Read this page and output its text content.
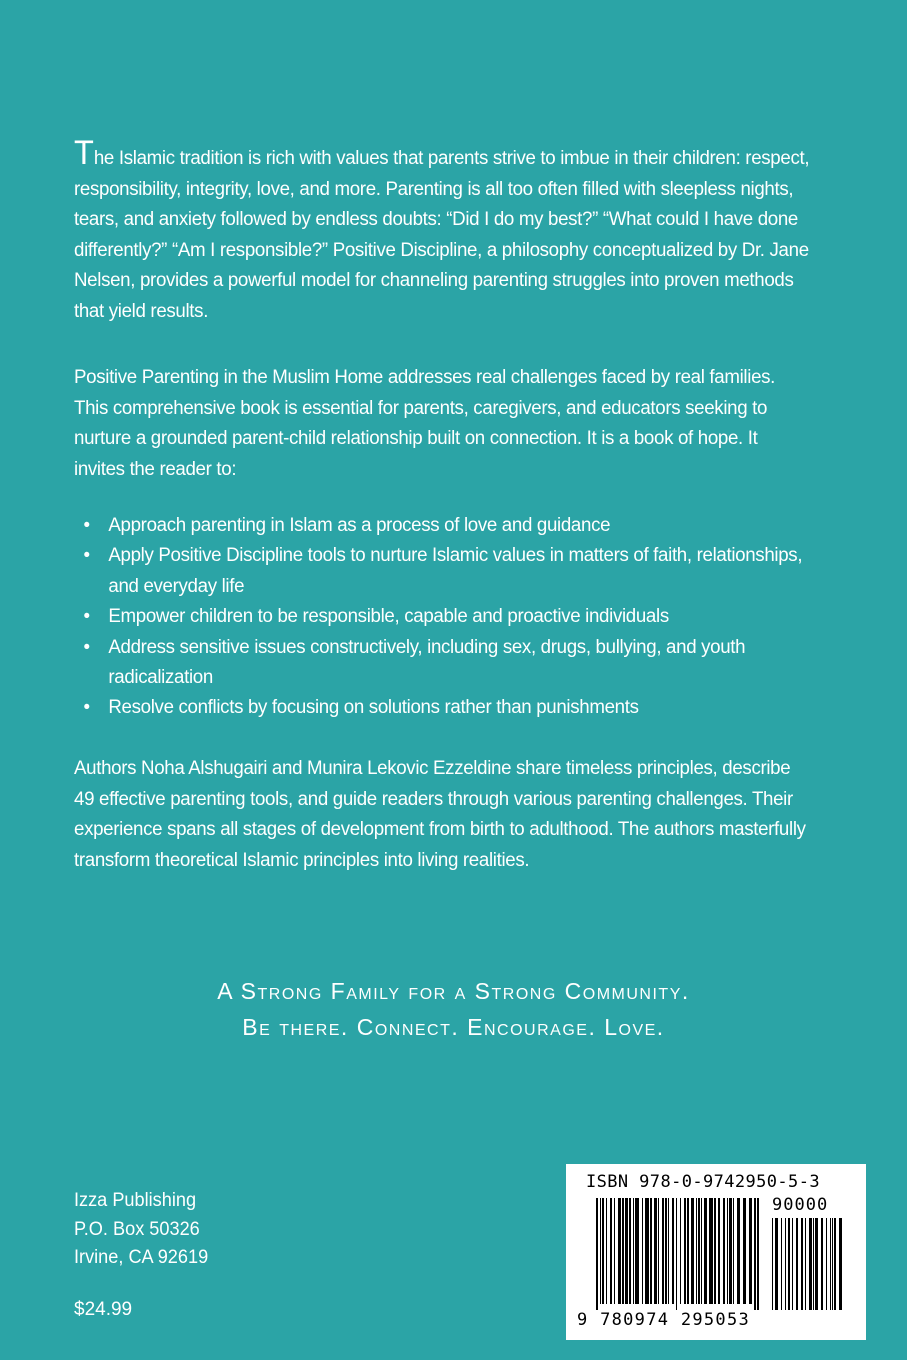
The Islamic tradition is rich with values that parents strive to imbue in their children: respect, responsibility, integrity, love, and more. Parenting is all too often filled with sleepless nights, tears, and anxiety followed by endless doubts: “Did I do my best?” “What could I have done differently?” “Am I responsible?” Positive Discipline, a philosophy conceptualized by Dr. Jane Nelsen, provides a powerful model for channeling parenting struggles into proven methods that yield results.

Positive Parenting in the Muslim Home addresses real challenges faced by real families. This comprehensive book is essential for parents, caregivers, and educators seeking to nurture a grounded parent-child relationship built on connection. It is a book of hope. It invites the reader to:

• Approach parenting in Islam as a process of love and guidance
• Apply Positive Discipline tools to nurture Islamic values in matters of faith, relationships, and everyday life
• Empower children to be responsible, capable and proactive individuals
• Address sensitive issues constructively, including sex, drugs, bullying, and youth radicalization
• Resolve conflicts by focusing on solutions rather than punishments

Authors Noha Alshugairi and Munira Lekovic Ezzeldine share timeless principles, describe 49 effective parenting tools, and guide readers through various parenting challenges. Their experience spans all stages of development from birth to adulthood. The authors masterfully transform theoretical Islamic principles into living realities.

A Strong Family for a Strong Community.
Be there. Connect. Encourage. Love.
Izza Publishing
P.O. Box 50326
Irvine, CA 92619
$24.99
ISBN 978-0-9742950-5-3
90000
9 780974 295053
